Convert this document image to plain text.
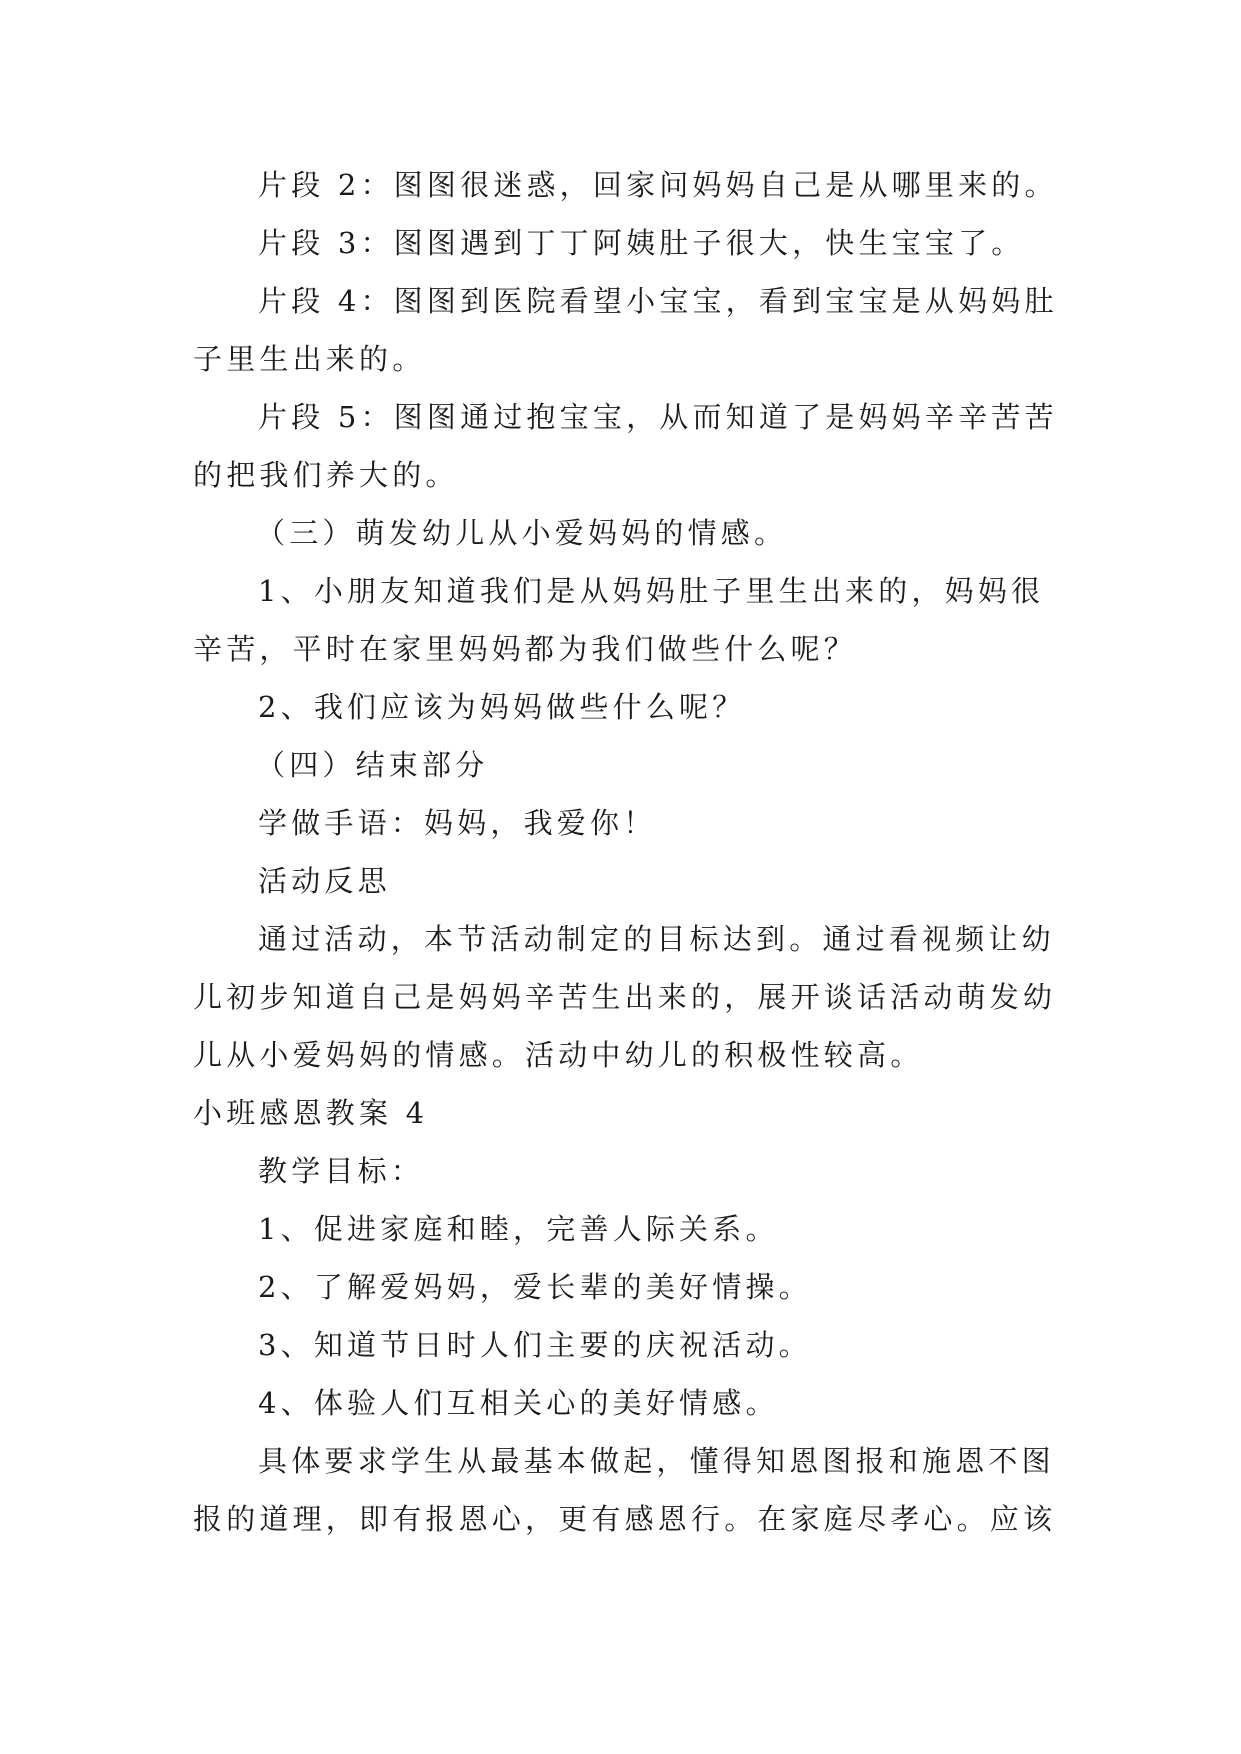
片段 2：图图很迷惑，回家问妈妈自己是从哪里来的。

片段 3：图图遇到丁丁阿姨肚子很大，快生宝宝了。

片段 4：图图到医院看望小宝宝，看到宝宝是从妈妈肚

子里生出来的。

片段 5：图图通过抱宝宝，从而知道了是妈妈辛辛苦苦

的把我们养大的。

（三）萌发幼儿从小爱妈妈的情感。

1、小朋友知道我们是从妈妈肚子里生出来的，妈妈很

辛苦，平时在家里妈妈都为我们做些什么呢？

2、我们应该为妈妈做些什么呢？

（四）结束部分

学做手语：妈妈，我爱你！

活动反思

通过活动，本节活动制定的目标达到。通过看视频让幼

儿初步知道自己是妈妈辛苦生出来的，展开谈话活动萌发幼

儿从小爱妈妈的情感。活动中幼儿的积极性较高。

小班感恩教案 4

教学目标：

1、促进家庭和睦，完善人际关系。

2、了解爱妈妈，爱长辈的美好情操。

3、知道节日时人们主要的庆祝活动。

4、体验人们互相关心的美好情感。

具体要求学生从最基本做起，懂得知恩图报和施恩不图

报的道理，即有报恩心，更有感恩行。在家庭尽孝心。应该
